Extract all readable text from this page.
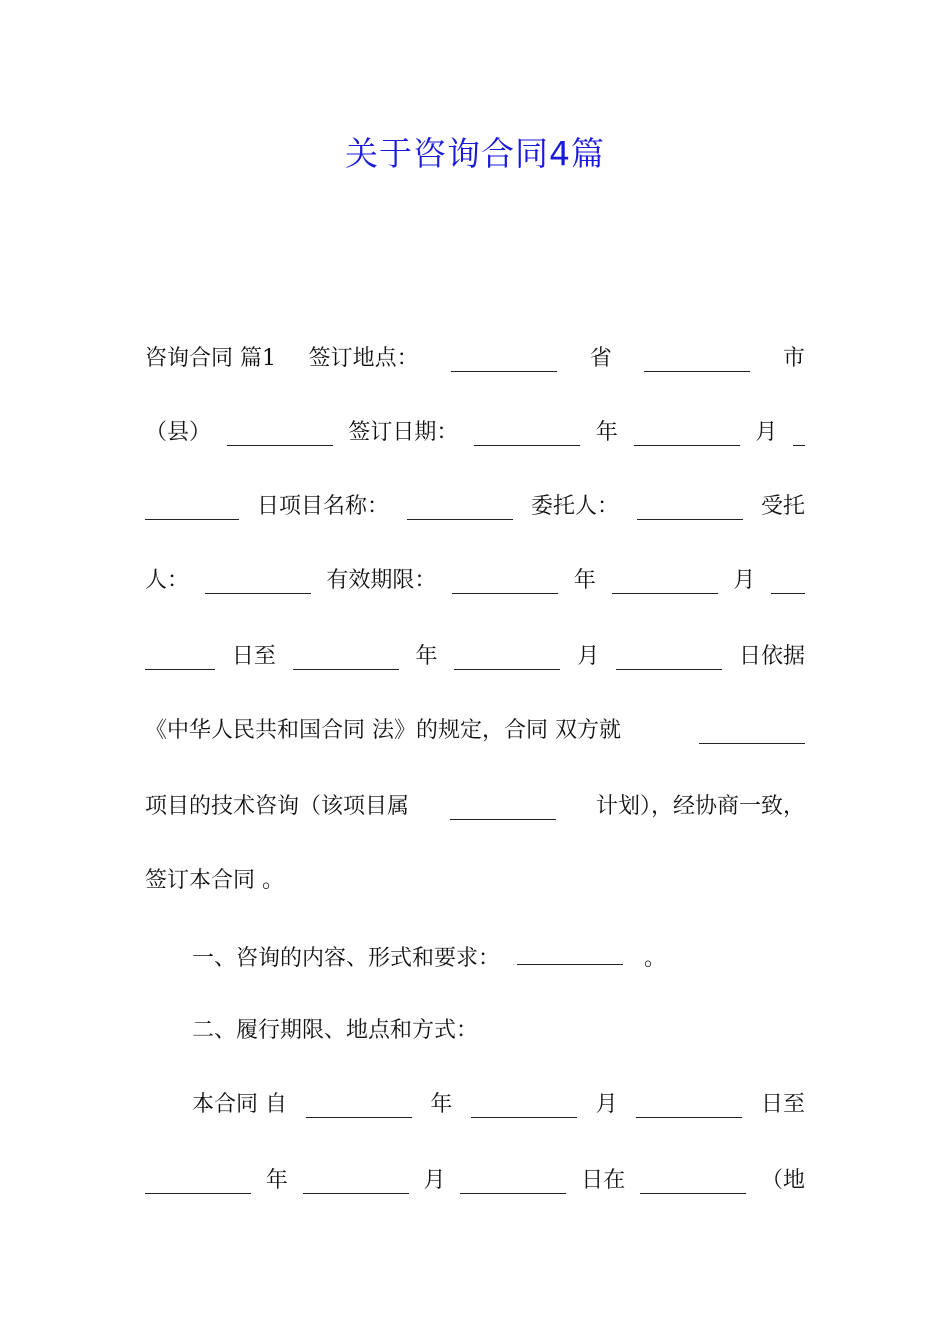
关于咨询合同4篇
咨询合同 篇1 签订地点：	省	市
（县）	签订日期：	年	月
日项目名称：	委托人：	受托
人：	有效期限：	年	月
日至	年	月	日依据
《中华人民共和国合同 法》的规定，合同 双方就
项目的技术咨询（该项目属	计划），经协商一致，
签订本合同 。
一、咨询的内容、形式和要求：	。
二、履行期限、地点和方式：
本合同 自	年	月	日至
年	月	日在	（地
